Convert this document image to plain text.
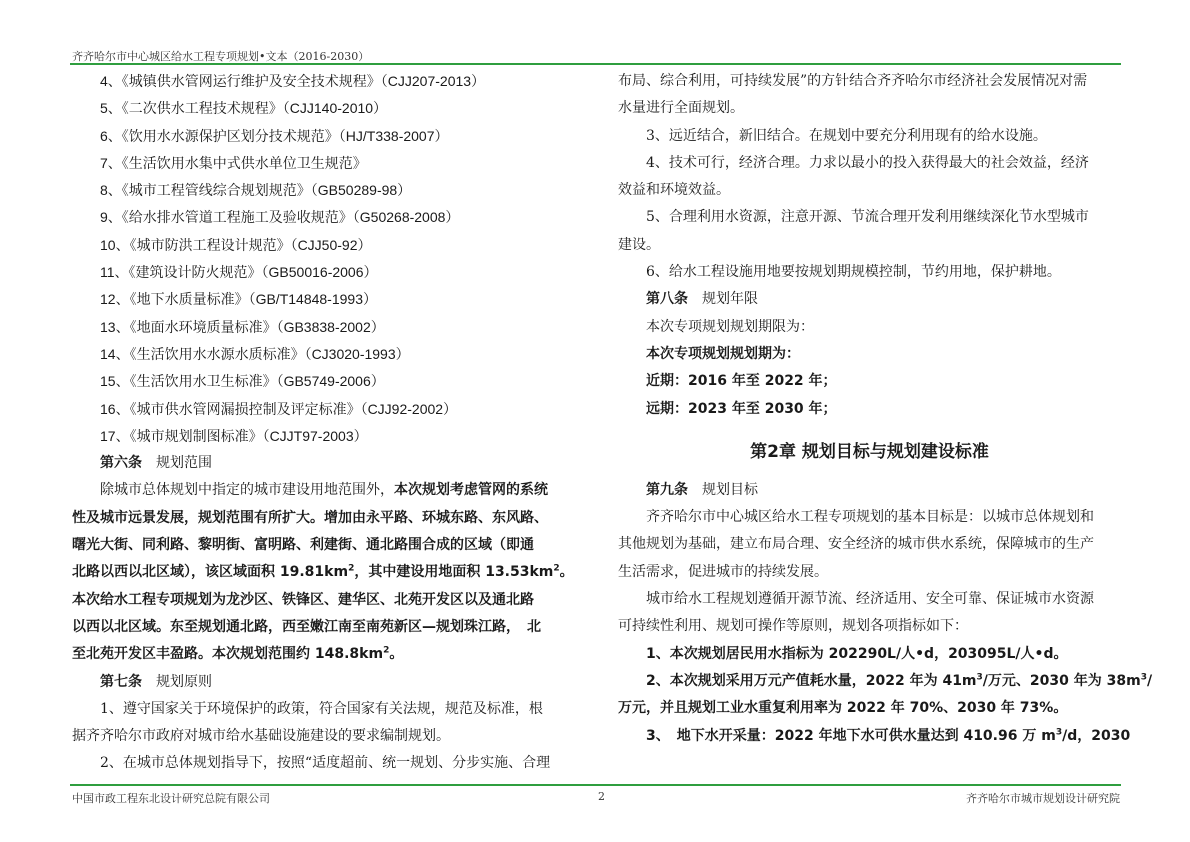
齐齐哈尔市中心城区给水工程专项规划•文本（2016-2030）
4、《城镇供水管网运行维护及安全技术规程》（CJJ207-2013）
5、《二次供水工程技术规程》（CJJ140-2010）
6、《饮用水水源保护区划分技术规范》（HJ/T338-2007）
7、《生活饮用水集中式供水单位卫生规范》
8、《城市工程管线综合规划规范》（GB50289-98）
9、《给水排水管道工程施工及验收规范》（G50268-2008）
10、《城市防洪工程设计规范》（CJJ50-92）
11、《建筑设计防火规范》（GB50016-2006）
12、《地下水质量标准》（GB/T14848-1993）
13、《地面水环境质量标准》（GB3838-2002）
14、《生活饮用水水源水质标准》（CJ3020-1993）
15、《生活饮用水卫生标准》（GB5749-2006）
16、《城市供水管网漏损控制及评定标准》（CJJ92-2002）
17、《城市规划制图标准》（CJJT97-2003）
第六条 规划范围
除城市总体规划中指定的城市建设用地范围外，本次规划考虑管网的系统
性及城市远景发展，规划范围有所扩大。增加由永平路、环城东路、东风路、
曙光大街、同利路、黎明街、富明路、利建街、通北路围合成的区域（即通
北路以西以北区域），该区域面积 $19.81km^2$，其中建设用地面积 $13.53km^2$。
本次给水工程专项规划为龙沙区、铁锋区、建华区、北苑开发区以及通北路
以西以北区域。东至规划通北路，西至嫩江南至南苑新区—规划珠江路，　北
至北苑开发区丰盈路。本次规划范围约 $148.8km^2$。
第七条 规划原则
1、遵守国家关于环境保护的政策，符合国家有关法规，规范及标准，根
据齐齐哈尔市政府对城市给水基础设施建设的要求编制规划。
2、在城市总体规划指导下，按照“适度超前、统一规划、分步实施、合理
布局、综合利用，可持续发展”的方针结合齐齐哈尔市经济社会发展情况对需
水量进行全面规划。
3、远近结合，新旧结合。在规划中要充分利用现有的给水设施。
4、技术可行，经济合理。力求以最小的投入获得最大的社会效益，经济
效益和环境效益。
5、合理利用水资源，注意开源、节流合理开发利用继续深化节水型城市
建设。
6、给水工程设施用地要按规划期规模控制，节约用地，保护耕地。
第八条 规划年限
本次专项规划规划期限为：
本次专项规划规划期为：
近期：2016 年至 2022 年；
远期：2023 年至 2030 年；
第2章 规划目标与规划建设标准
第九条 规划目标
齐齐哈尔市中心城区给水工程专项规划的基本目标是：以城市总体规划和
其他规划为基础，建立布局合理、安全经济的城市供水系统，保障城市的生产
生活需求，促进城市的持续发展。
城市给水工程规划遵循开源节流、经济适用、安全可靠、保证城市水资源
可持续性利用、规划可操作等原则，规划各项指标如下：
1、本次规划居民用水指标为 202290L/人•d，203095L/人•d。
2、本次规划采用万元产值耗水量，2022 年为 $41m^3/$万元、2030 年为 $38m^3/$
万元，并且规划工业水重复利用率为 2022 年 70%、2030 年 73%。
3、　地下水开采量：2022 年地下水可供水量达到 410.96 万 $m^3/d$，2030
中国市政工程东北设计研究总院有限公司	2	齐齐哈尔市城市规划设计研究院
